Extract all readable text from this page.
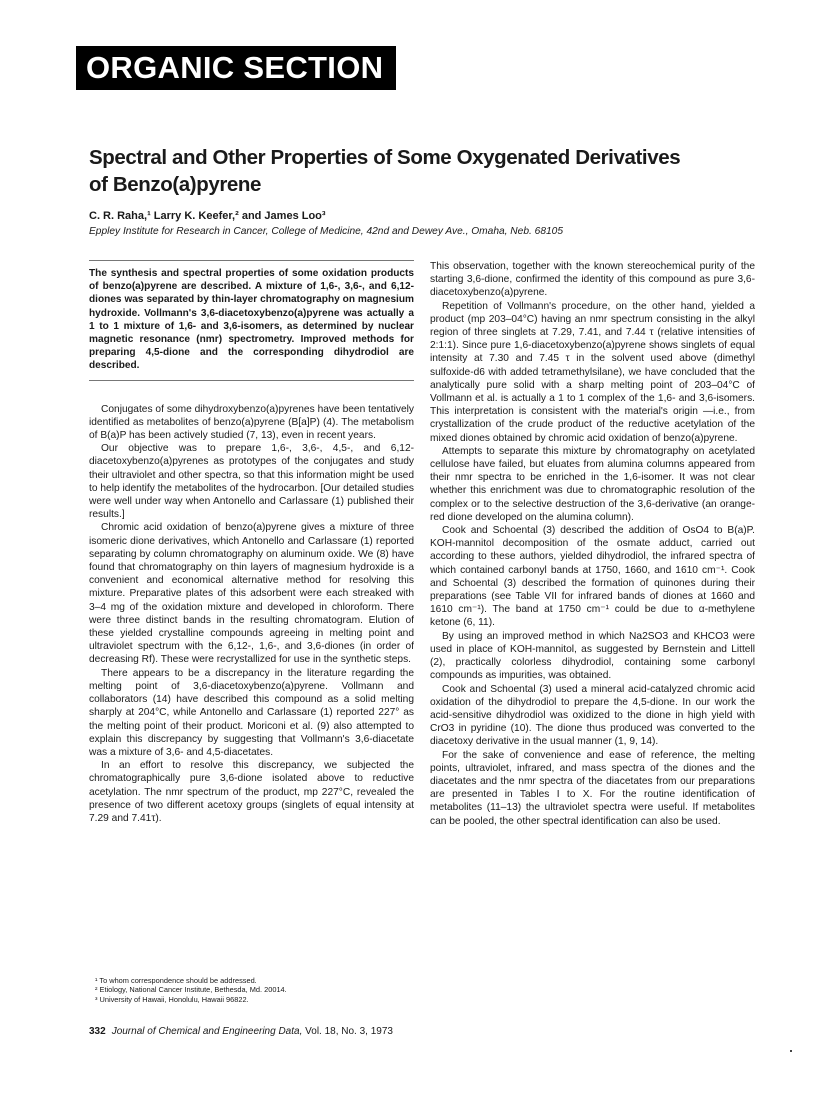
ORGANIC SECTION
Spectral and Other Properties of Some Oxygenated Derivatives of Benzo(a)pyrene

C. R. Raha,¹ Larry K. Keefer,² and James Loo³

Eppley Institute for Research in Cancer, College of Medicine, 42nd and Dewey Ave., Omaha, Neb. 68105

The synthesis and spectral properties of some oxidation products of benzo(a)pyrene are described. A mixture of 1,6-, 3,6-, and 6,12-diones was separated by thin-layer chromatography on magnesium hydroxide. Vollmann's 3,6-diacetoxybenzo(a)pyrene was actually a 1 to 1 mixture of 1,6- and 3,6-isomers, as determined by nuclear magnetic resonance (nmr) spectrometry. Improved methods for preparing 4,5-dione and the corresponding dihydrodiol are described.

Conjugates of some dihydroxybenzo(a)pyrenes have been tentatively identified as metabolites of benzo(a)pyrene (B[a]P) (4). The metabolism of B(a)P has been actively studied (7, 13), even in recent years.

Our objective was to prepare 1,6-, 3,6-, 4,5-, and 6,12-diacetoxybenzo(a)pyrenes as prototypes of the conjugates and study their ultraviolet and other spectra, so that this information might be used to help identify the metabolites of the hydrocarbon. [Our detailed studies were well under way when Antonello and Carlassare (1) published their results.]

Chromic acid oxidation of benzo(a)pyrene gives a mixture of three isomeric dione derivatives, which Antonello and Carlassare (1) reported separating by column chromatography on aluminum oxide. We (8) have found that chromatography on thin layers of magnesium hydroxide is a convenient and economical alternative method for resolving this mixture. Preparative plates of this adsorbent were each streaked with 3–4 mg of the oxidation mixture and developed in chloroform. There were three distinct bands in the resulting chromatogram. Elution of these yielded crystalline compounds agreeing in melting point and ultraviolet spectrum with the 6,12-, 1,6-, and 3,6-diones (in order of decreasing Rf). These were recrystallized for use in the synthetic steps.

There appears to be a discrepancy in the literature regarding the melting point of 3,6-diacetoxybenzo(a)pyrene. Vollmann and collaborators (14) have described this compound as a solid melting sharply at 204°C, while Antonello and Carlassare (1) reported 227° as the melting point of their product. Moriconi et al. (9) also attempted to explain this discrepancy by suggesting that Vollmann's 3,6-diacetate was a mixture of 3,6- and 4,5-diacetates.

In an effort to resolve this discrepancy, we subjected the chromatographically pure 3,6-dione isolated above to reductive acetylation. The nmr spectrum of the product, mp 227°C, revealed the presence of two different acetoxy groups (singlets of equal intensity at 7.29 and 7.41τ).

¹ To whom correspondence should be addressed.
² Etiology, National Cancer Institute, Bethesda, Md. 20014.
³ University of Hawaii, Honolulu, Hawaii 96822.

This observation, together with the known stereochemical purity of the starting 3,6-dione, confirmed the identity of this compound as pure 3,6-diacetoxybenzo(a)pyrene.

Repetition of Vollmann's procedure, on the other hand, yielded a product (mp 203–04°C) having an nmr spectrum consisting in the alkyl region of three singlets at 7.29, 7.41, and 7.44 τ (relative intensities of 2:1:1). Since pure 1,6-diacetoxybenzo(a)pyrene shows singlets of equal intensity at 7.30 and 7.45 τ in the solvent used above (dimethyl sulfoxide-d6 with added tetramethylsilane), we have concluded that the analytically pure solid with a sharp melting point of 203–04°C of Vollmann et al. is actually a 1 to 1 complex of the 1,6- and 3,6-isomers. This interpretation is consistent with the material's origin —i.e., from crystallization of the crude product of the reductive acetylation of the mixed diones obtained by chromic acid oxidation of benzo(a)pyrene.

Attempts to separate this mixture by chromatography on acetylated cellulose have failed, but eluates from alumina columns appeared from their nmr spectra to be enriched in the 1,6-isomer. It was not clear whether this enrichment was due to chromatographic resolution of the complex or to the selective destruction of the 3,6-derivative (an orange-red dione developed on the alumina column).

Cook and Schoental (3) described the addition of OsO4 to B(a)P. KOH-mannitol decomposition of the osmate adduct, carried out according to these authors, yielded dihydrodiol, the infrared spectra of which contained carbonyl bands at 1750, 1660, and 1610 cm⁻¹. Cook and Schoental (3) described the formation of quinones during their preparations (see Table VII for infrared bands of diones at 1660 and 1610 cm⁻¹). The band at 1750 cm⁻¹ could be due to α-methylene ketone (6, 11).

By using an improved method in which Na2SO3 and KHCO3 were used in place of KOH-mannitol, as suggested by Bernstein and Littell (2), practically colorless dihydrodiol, containing some carbonyl compounds as impurities, was obtained.

Cook and Schoental (3) used a mineral acid-catalyzed chromic acid oxidation of the dihydrodiol to prepare the 4,5-dione. In our work the acid-sensitive dihydrodiol was oxidized to the dione in high yield with CrO3 in pyridine (10). The dione thus produced was converted to the diacetoxy derivative in the usual manner (1, 9, 14).

For the sake of convenience and ease of reference, the melting points, ultraviolet, infrared, and mass spectra of the diones and the diacetates and the nmr spectra of the diacetates from our preparations are presented in Tables I to X. For the routine identification of metabolites (11–13) the ultraviolet spectra were useful. If metabolites can be pooled, the other spectral identification can also be used.

332 Journal of Chemical and Engineering Data, Vol. 18, No. 3, 1973
